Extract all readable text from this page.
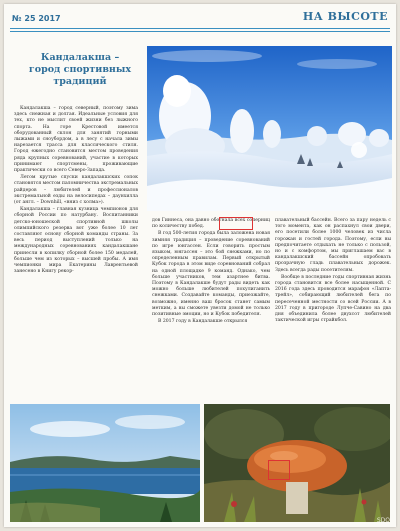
№ 25 2017	НА ВЫСОТЕ
Кандалакша –
город спортивных
традиций

Кандалакша – город северный, поэтому зима здесь снежная и долгая. Идеальные условия для тех, кто не мыслит своей жизни без лыжного спорта. На горе Крестовой имеется оборудованный склон для занятий горными лыжами и сноубордом, а в лесу с начала зимы нарезается трасса для классического стиля. Город ежегодно становится местом проведения ряда крупных соревнований, участие в которых принимают спортсмены, проживающие практически со всего Северо-Запада.

Летом крутые спуски кандалакшских сопок становятся местом паломничества экстремальных райдеров – любителей и профессионалов экстремальной езды на велосипедах – даунхилла (от англ. – Downhill, «вниз с холма»).

Кандалакша – главная кузница чемпионов для сборной России по натурбану. Воспитанники детско-юношеской спортивной школы олимпийского резерва вот уже более 10 лет составляют основу сборной команды страны. За весь период выступлений только на международных соревнованиях кандалакшане принесли в копилку сборной более 150 медалей, больше чем из которых – высшей пробы. А имя чемпионки мира Екатерины Лаврентьевой занесено в Книгу рекор-

дов Гиннеса, она давно обогнала всех соперниц по количеству побед.

В год 500-летия города была заложена новая зимняя традиция – проведение соревнований по игре юнгассен. Если говорить простым языком, юнгассен – это бой снежками, но по определенным правилам. Первый открытый Кубок города в этом виде соревнований собрал на одной площадке 9 команд. Однако, чем больше участников, тем азартнее битва. Поэтому в Кандалакше будут рады видеть как можно больше любителей похулиганить снежками. Создавайте команды, приезжайте, возможно, именно ваш бросок станет самым метким, а вы сможете увезти домой не только позитивные эмоции, но и Кубок победителя.

В 2017 году в Кандалакше открылся

плавательный бассейн. Всего за пару недель с того момента, как он распахнул свои двери, его посетили более 1000 человек из числа горожан и гостей города. Поэтому, если вы предпочитаете отдыхать не только с пользой, но и с комфортом, мы приглашаем вас в кандалакшский бассейн опробовать прозрачную гладь плавательных дорожек. Здесь всегда рады посетителям.

Вообще в последние годы спортивная жизнь города становится все более насыщенной. С 2016 года здесь проводится марафон «Лапта-трейл», собирающий любителей бега по пересеченной местности со всей России. А в 2017 году в пригороде Лупче-Савино на два дня объединила более двухсот любителей тактической игры страйкбол.

SDO
